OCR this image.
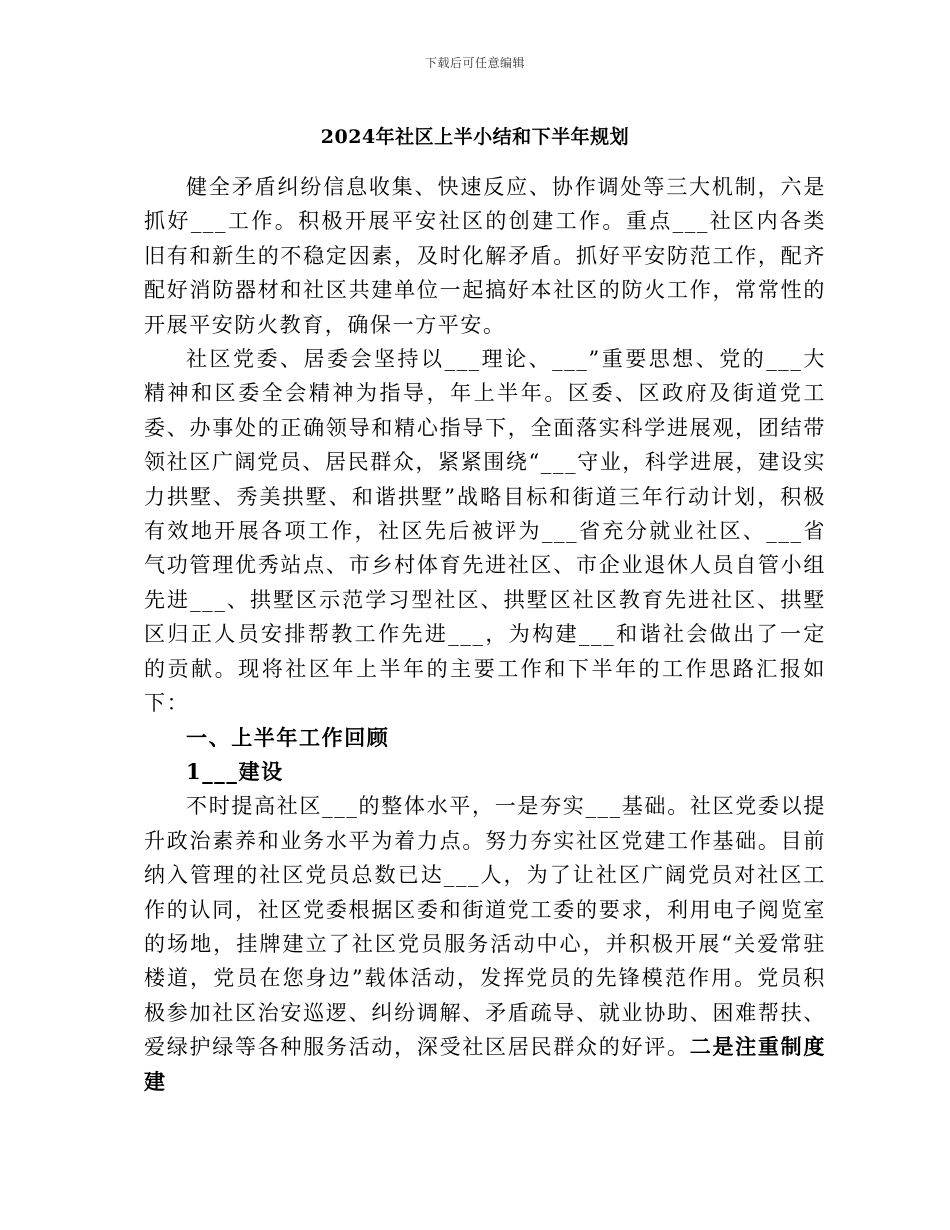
下载后可任意编辑
2024年社区上半小结和下半年规划

健全矛盾纠纷信息收集、快速反应、协作调处等三大机制，六是抓好___工作。积极开展平安社区的创建工作。重点___社区内各类旧有和新生的不稳定因素，及时化解矛盾。抓好平安防范工作，配齐配好消防器材和社区共建单位一起搞好本社区的防火工作，常常性的开展平安防火教育，确保一方平安。

社区党委、居委会坚持以___理论、___”重要思想、党的___大精神和区委全会精神为指导，年上半年。区委、区政府及街道党工委、办事处的正确领导和精心指导下，全面落实科学进展观，团结带领社区广阔党员、居民群众，紧紧围绕“___守业，科学进展，建设实力拱墅、秀美拱墅、和谐拱墅”战略目标和街道三年行动计划，积极有效地开展各项工作，社区先后被评为___省充分就业社区、___省气功管理优秀站点、市乡村体育先进社区、市企业退休人员自管小组先进___、拱墅区示范学习型社区、拱墅区社区教育先进社区、拱墅区归正人员安排帮教工作先进___，为构建___和谐社会做出了一定的贡献。现将社区年上半年的主要工作和下半年的工作思路汇报如下：

一、上半年工作回顾

1___建设

不时提高社区___的整体水平，一是夯实___基础。社区党委以提升政治素养和业务水平为着力点。努力夯实社区党建工作基础。目前纳入管理的社区党员总数已达___人，为了让社区广阔党员对社区工作的认同，社区党委根据区委和街道党工委的要求，利用电子阅览室的场地，挂牌建立了社区党员服务活动中心，并积极开展“关爱常驻楼道，党员在您身边”载体活动，发挥党员的先锋模范作用。党员积极参加社区治安巡逻、纠纷调解、矛盾疏导、就业协助、困难帮扶、爱绿护绿等各种服务活动，深受社区居民群众的好评。二是注重制度建
